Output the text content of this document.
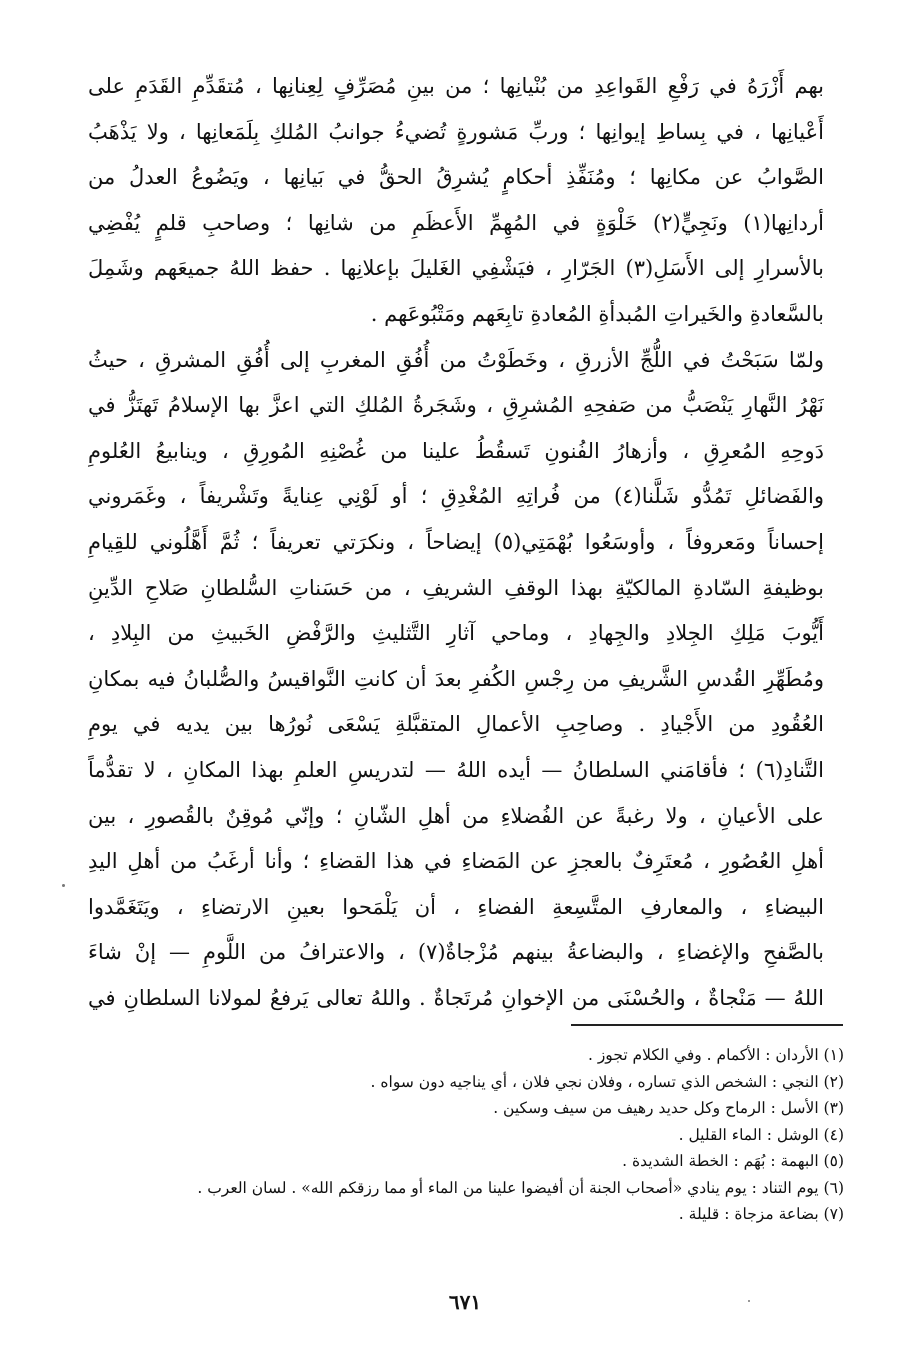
بهم أَزْرَهُ في رَفْعِ القَواعِدِ من بُنْيانِها ؛ من بينِ مُصَرِّفٍ لِعِنانِها ، مُتقَدِّمِ القَدَمِ على
أَعْيانِها ، في بِساطِ إيوانِها ؛ وربِّ مَشورةٍ تُضيءُ جوانبُ المُلكِ بِلَمَعانِها ، ولا يَذْهَبُ
الصَّوابُ عن مكانِها ؛ ومُنَفِّذِ أحكامٍ يُشرِقُ الحقُّ في بَيانِها ، ويَضُوعُ العدلُ من
أردانِها(١) ونَجِيٍّ(٢) خَلْوَةٍ في المُهِمِّ الأَعظَمِ من شانِها ؛ وصاحبِ قلمٍ يُفْضِي
بالأسرارِ إلى الأَسَلِ(٣) الجَرّارِ ، فيَشْفِي الغَليلَ بإعلانِها . حفظ اللهُ جميعَهم وشَمِلَ
بالسَّعادةِ والخَيراتِ المُبدأةِ المُعادةِ تابِعَهم ومَتْبُوعَهم .
ولمّا سَبَحْتُ في اللُّجِّ الأزرقِ ، وخَطَوْتُ من أُفُقِ المغربِ إلى أُفُقِ المشرقِ ، حيثُ
نَهْرُ النَّهارِ يَنْصَبُّ من صَفحِهِ المُشرِقِ ، وشَجَرةُ المُلكِ التي اعزَّ بها الإسلامُ تَهتَزُّ في
دَوحِهِ المُعرِقِ ، وأزهارُ الفُنونِ تَسقُطُ علينا من غُصْنِهِ المُورِقِ ، وينابيعُ العُلومِ
والفَضائلِ تَمُدُّو شَلَّنا(٤) من فُراتِهِ المُغْدِقِ ؛ أو لَوْنِي عِنايةً وتَشْريفاً ، وغَمَروني
إحساناً ومَعروفاً ، وأوسَعُوا بُهْمَتِي(٥) إيضاحاً ، ونكرَتي تعريفاً ؛ ثُمَّ أَهَّلُوني للقِيامِ
بوظيفةِ السّادةِ المالكيّةِ بهذا الوقفِ الشريفِ ، من حَسَناتِ السُّلطانِ صَلاحِ الدِّينِ
أَيُّوبَ مَلِكِ الجِلادِ والجِهادِ ، وماحي آثارِ التَّثليثِ والرَّفْضِ الخَبيثِ من البِلادِ ،
ومُطَهِّرِ القُدسِ الشَّريفِ من رِجْسِ الكُفرِ بعدَ أن كانتِ النَّواقيسُ والصُّلبانُ فيه بمكانِ
العُقُودِ من الأَجْيادِ . وصاحِبِ الأعمالِ المتقبَّلةِ يَسْعَى نُورُها بين يديه في يومِ
التَّنادِ(٦) ؛ فأقامَني السلطانُ — أيده اللهُ — لتدريسِ العلمِ بهذا المكانِ ، لا تقدُّماً
على الأعيانِ ، ولا رغبةً عن الفُضلاءِ من أهلِ الشّانِ ؛ وإنّي مُوقِنٌ بالقُصورِ ، بين
أهلِ العُصُورِ ، مُعتَرِفٌ بالعجزِ عن المَضاءِ في هذا القضاءِ ؛ وأنا أرغَبُ من أهلِ اليدِ
البيضاءِ ، والمعارفِ المتَّسِعةِ الفضاءِ ، أن يَلْمَحوا بعينِ الارتضاءِ ، ويَتَغَمَّدوا
بالصَّفحِ والإغضاءِ ، والبضاعةُ بينهم مُزْجاةٌ(٧) ، والاعترافُ من اللَّومِ — إنْ شاءَ
اللهُ — مَنْجاةٌ ، والحُسْنَى من الإخوانِ مُرتَجاةٌ . واللهُ تعالى يَرفعُ لمولانا السلطانِ في
(١) الأردان : الأكمام . وفي الكلام تجوز .
(٢) النجي : الشخص الذي تساره ، وفلان نجي فلان ، أي يناجيه دون سواه .
(٣) الأسل : الرماح وكل حديد رهيف من سيف وسكين .
(٤) الوشل : الماء القليل .
(٥) البهمة : بُهَم : الخطة الشديدة .
(٦) يوم التناد : يوم ينادي «أصحاب الجنة أن أفيضوا علينا من الماء أو مما رزقكم الله» . لسان العرب .
(٧) بضاعة مزجاة : قليلة .
٦٧١
